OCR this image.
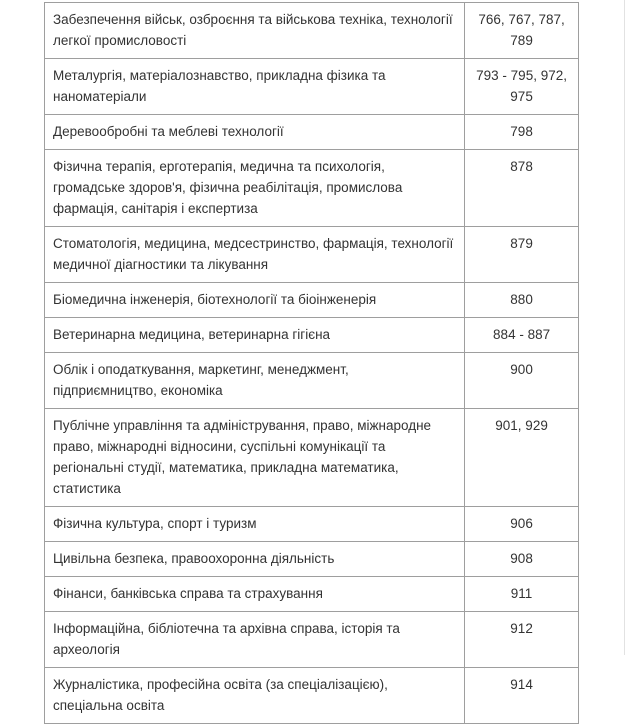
Забезпечення військ, озброєння та військова техніка, технології легкої промисловості	766, 767, 787, 789
Металургія, матеріалознавство, прикладна фізика та наноматеріали	793 - 795, 972, 975
Деревообробні та меблеві технології	798
Фізична терапія, ерготерапія, медична та психологія, громадське здоров'я, фізична реабілітація, промислова фармація, санітарія і експертиза	878
Стоматологія, медицина, медсестринство, фармація, технології медичної діагностики та лікування	879
Біомедична інженерія, біотехнології та біоінженерія	880
Ветеринарна медицина, ветеринарна гігієна	884 - 887
Облік і оподаткування, маркетинг, менеджмент, підприємництво, економіка	900
Публічне управління та адміністрування, право, міжнародне право, міжнародні відносини, суспільні комунікації та регіональні студії, математика, прикладна математика, статистика	901, 929
Фізична культура, спорт і туризм	906
Цивільна безпека, правоохоронна діяльність	908
Фінанси, банківська справа та страхування	911
Інформаційна, бібліотечна та архівна справа, історія та археологія	912
Журналістика, професійна освіта (за спеціалізацією), спеціальна освіта	914
